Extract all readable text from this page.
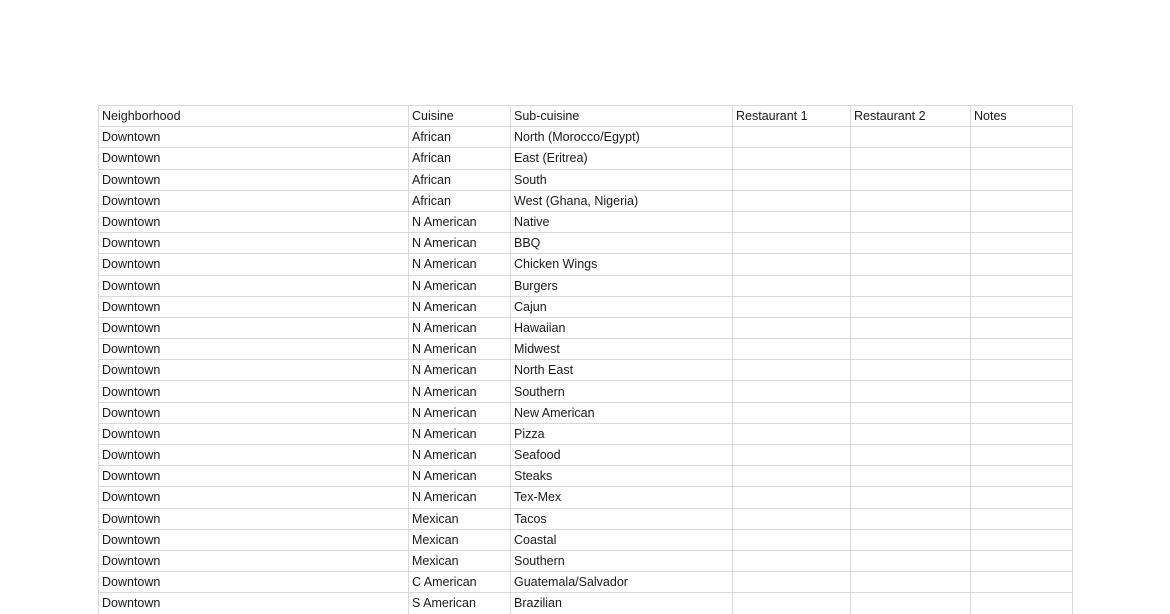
Neighborhood	Cuisine	Sub-cuisine	Restaurant 1	Restaurant 2	Notes
Downtown	African	North (Morocco/Egypt)			
Downtown	African	East (Eritrea)			
Downtown	African	South			
Downtown	African	West (Ghana, Nigeria)			
Downtown	N American	Native			
Downtown	N American	BBQ			
Downtown	N American	Chicken Wings			
Downtown	N American	Burgers			
Downtown	N American	Cajun			
Downtown	N American	Hawaiian			
Downtown	N American	Midwest			
Downtown	N American	North East			
Downtown	N American	Southern			
Downtown	N American	New American			
Downtown	N American	Pizza			
Downtown	N American	Seafood			
Downtown	N American	Steaks			
Downtown	N American	Tex-Mex			
Downtown	Mexican	Tacos			
Downtown	Mexican	Coastal			
Downtown	Mexican	Southern			
Downtown	C American	Guatemala/Salvador			
Downtown	S American	Brazilian			
